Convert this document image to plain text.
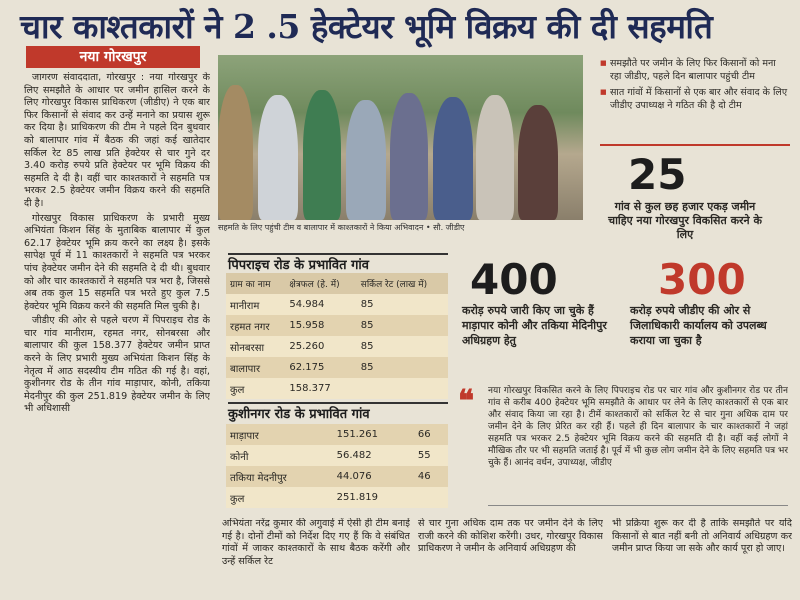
चार काश्तकारों ने 2 .5 हेक्टेयर भूमि विक्रय की दी सहमति
नया गोरखपुर

जागरण संवाददाता, गोरखपुर : नया गोरखपुर के लिए समझौते के आधार पर जमीन हासिल करने के लिए गोरखपुर विकास प्राधिकरण (जीडीए) ने एक बार फिर किसानों से संवाद कर उन्हें मनाने का प्रयास शुरू कर दिया है। प्राधिकरण की टीम ने पहले दिन बुधवार को बालापार गांव में बैठक की जहां कई खातेदार सर्किल रेट 85 लाख प्रति हेक्टेयर से चार गुने दर 3.40 करोड़ रुपये प्रति हेक्टेयर पर भूमि विक्रय की सहमति दे दी है। वहीं चार काश्तकारों ने सहमति पत्र भरकर 2.5 हेक्टेयर जमीन विक्रय करने की सहमति दी है।

गोरखपुर विकास प्राधिकरण के प्रभारी मुख्य अभियंता किशन सिंह के मुताबिक बालापार में कुल 62.17 हेक्टेयर भूमि क्रय करने का लक्ष्य है। इसके सापेक्ष पूर्व में 11 काश्तकारों ने सहमति पत्र भरकर पांच हेक्टेयर जमीन देने की सहमति दे दी थी। बुधवार को और चार काश्तकारों ने सहमति पत्र भरा है, जिससे अब तक कुल 15 सहमति पत्र भरते हुए कुल 7.5 हेक्टेयर भूमि विक्रय करने की सहमति मिल चुकी है।

जीडीए की ओर से पहले चरण में पिपराइच रोड के चार गांव मानीराम, रहमत नगर, सोनबरसा और बालापार की कुल 158.377 हेक्टेयर जमीन प्राप्त करने के लिए प्रभारी मुख्य अभियंता किशन सिंह के नेतृत्व में आठ सदस्यीय टीम गठित की गई है। वहां, कुशीनगर रोड के तीन गांव माड़ापार, कोनी, तकिया मेदनीपुर की कुल 251.819 हेक्टेयर जमीन के लिए भी अधिशासी

सहमति के लिए पहुंची टीम व बालापार में काश्तकारों ने किया अभिवादन • सौ. जीडीए
■ समझौते पर जमीन के लिए फिर किसानों को मना रहा जीडीए, पहले दिन बालापार पहुंची टीम
■ सात गांवों में किसानों से एक बार और संवाद के लिए जीडीए उपाध्यक्ष ने गठित की है दो टीम
25
गांव से कुल छह हजार एकड़ जमीन चाहिए नया गोरखपुर विकसित करने के लिए
400
करोड़ रुपये जारी किए जा चुके हैं माड़ापार कोनी और तकिया मेदिनीपुर अधिग्रहण हेतु
300
करोड़ रुपये जीडीए की ओर से जिलाधिकारी कार्यालय को उपलब्ध कराया जा चुका है
पिपराइच रोड के प्रभावित गांव
ग्राम का नाम	क्षेत्रफल (हे. में)	सर्किल रेट (लाख में)
मानीराम	54.984	85
रहमत नगर	15.958	85
सोनबरसा	25.260	85
बालापार	62.175	85
कुल	158.377	
कुशीनगर रोड के प्रभावित गांव
माड़ापार	151.261	66
कोनी	56.482	55
तकिया मेदनीपुर	44.076	46
कुल	251.819	
❝	नया गोरखपुर विकसित करने के लिए पिपराइच रोड पर चार गांव और कुशीनगर रोड पर तीन गांव से करीब 400 हेक्टेयर भूमि समझौते के आधार पर लेने के लिए काश्तकारों से एक बार और संवाद किया जा रहा है। टीमें काश्तकारों को सर्किल रेट से चार गुना अधिक दाम पर जमीन देने के लिए प्रेरित कर रही हैं। पहले ही दिन बालापार के चार काश्तकारों ने जहां सहमति पत्र भरकर 2.5 हेक्टेयर भूमि विक्रय करने की सहमति दी है। वहीं कई लोगों ने मौखिक तौर पर भी सहमति जताई है। पूर्व में भी कुछ लोग जमीन देने के लिए सहमति पत्र भर चुके हैं। आनंद वर्धन, उपाध्यक्ष, जीडीए
अभियंता नरेंद्र कुमार की अगुवाई में ऐसी ही टीम बनाई गई है। दोनों टीमों को निर्देश दिए गए हैं कि वे संबंधित गांवों में जाकर काश्तकारों के साथ बैठक करेंगी और उन्हें सर्किल रेट
से चार गुना अधिक दाम तक पर जमीन देने के लिए राजी करने की कोशिश करेंगी। उधर, गोरखपुर विकास प्राधिकरण ने जमीन के अनिवार्य अधिग्रहण की
भी प्रक्रिया शुरू कर दी है ताकि समझौते पर यदि किसानों से बात नहीं बनी तो अनिवार्य अधिग्रहण कर जमीन प्राप्त किया जा सके और कार्य पूरा हो जाए।
